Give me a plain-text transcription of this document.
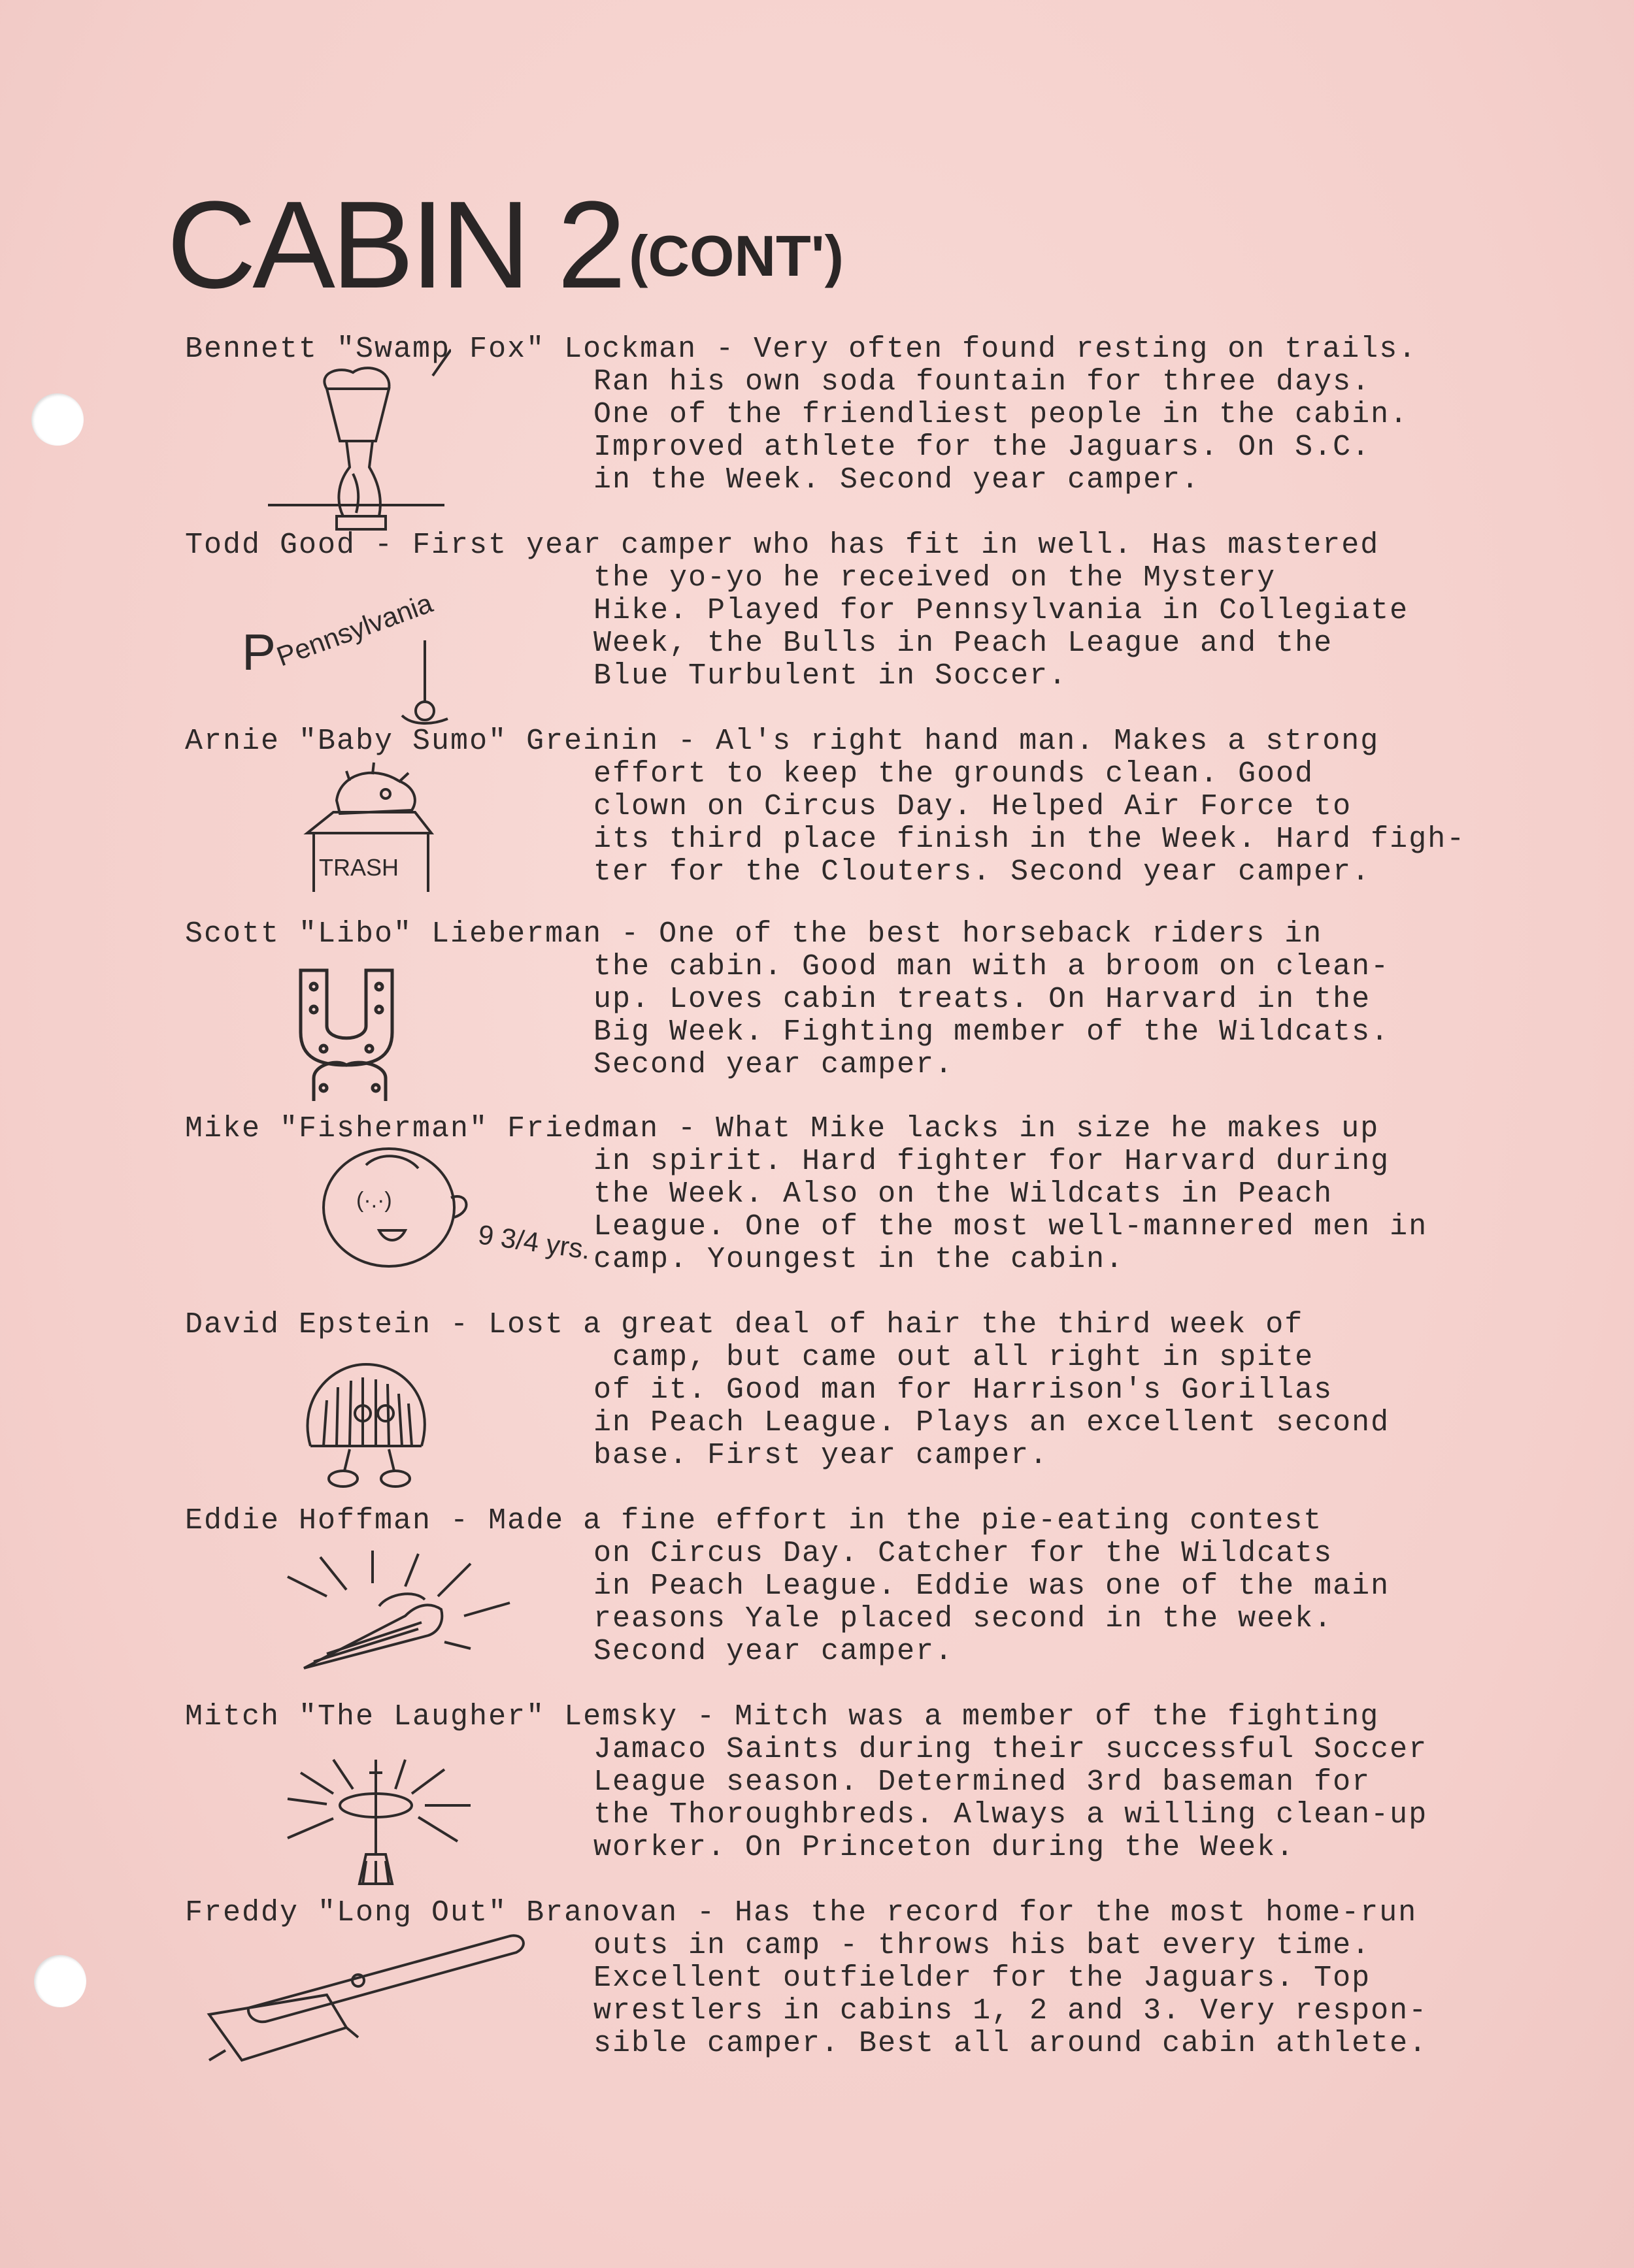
CABIN 2 (CONT')
Bennett "Swamp Fox" Lockman - Very often found resting on trails.
Ran his own soda fountain for three days.
One of the friendliest people in the cabin.
Improved athlete for the Jaguars. On S.C.
in the Week. Second year camper.
Todd Good - First year camper who has fit in well. Has mastered
the yo-yo he received on the Mystery
Hike. Played for Pennsylvania in Collegiate
Week, the Bulls in Peach League and the
Blue Turbulent in Soccer.
P
Pennsylvania
Arnie "Baby Sumo" Greinin - Al's right hand man. Makes a strong
effort to keep the grounds clean. Good
clown on Circus Day. Helped Air Force to
its third place finish in the Week. Hard figh-
ter for the Clouters. Second year camper.
TRASH
Scott "Libo" Lieberman - One of the best horseback riders in
the cabin. Good man with a broom on clean-
up. Loves cabin treats. On Harvard in the
Big Week. Fighting member of the Wildcats.
Second year camper.
Mike "Fisherman" Friedman - What Mike lacks in size he makes up
in spirit. Hard fighter for Harvard during
the Week. Also on the Wildcats in Peach
League. One of the most well-mannered men in
camp. Youngest in the cabin.
(·.·)
9 3/4 yrs.
David Epstein - Lost a great deal of hair the third week of
camp, but came out all right in spite
of it. Good man for Harrison's Gorillas
in Peach League. Plays an excellent second
base. First year camper.
Eddie Hoffman - Made a fine effort in the pie-eating contest
on Circus Day. Catcher for the Wildcats
in Peach League. Eddie was one of the main
reasons Yale placed second in the week.
Second year camper.
Mitch "The Laugher" Lemsky - Mitch was a member of the fighting
Jamaco Saints during their successful Soccer
League season. Determined 3rd baseman for
the Thoroughbreds. Always a willing clean-up
worker. On Princeton during the Week.
Freddy "Long Out" Branovan - Has the record for the most home-run
outs in camp - throws his bat every time.
Excellent outfielder for the Jaguars. Top
wrestlers in cabins 1, 2 and 3. Very respon-
sible camper. Best all around cabin athlete.
